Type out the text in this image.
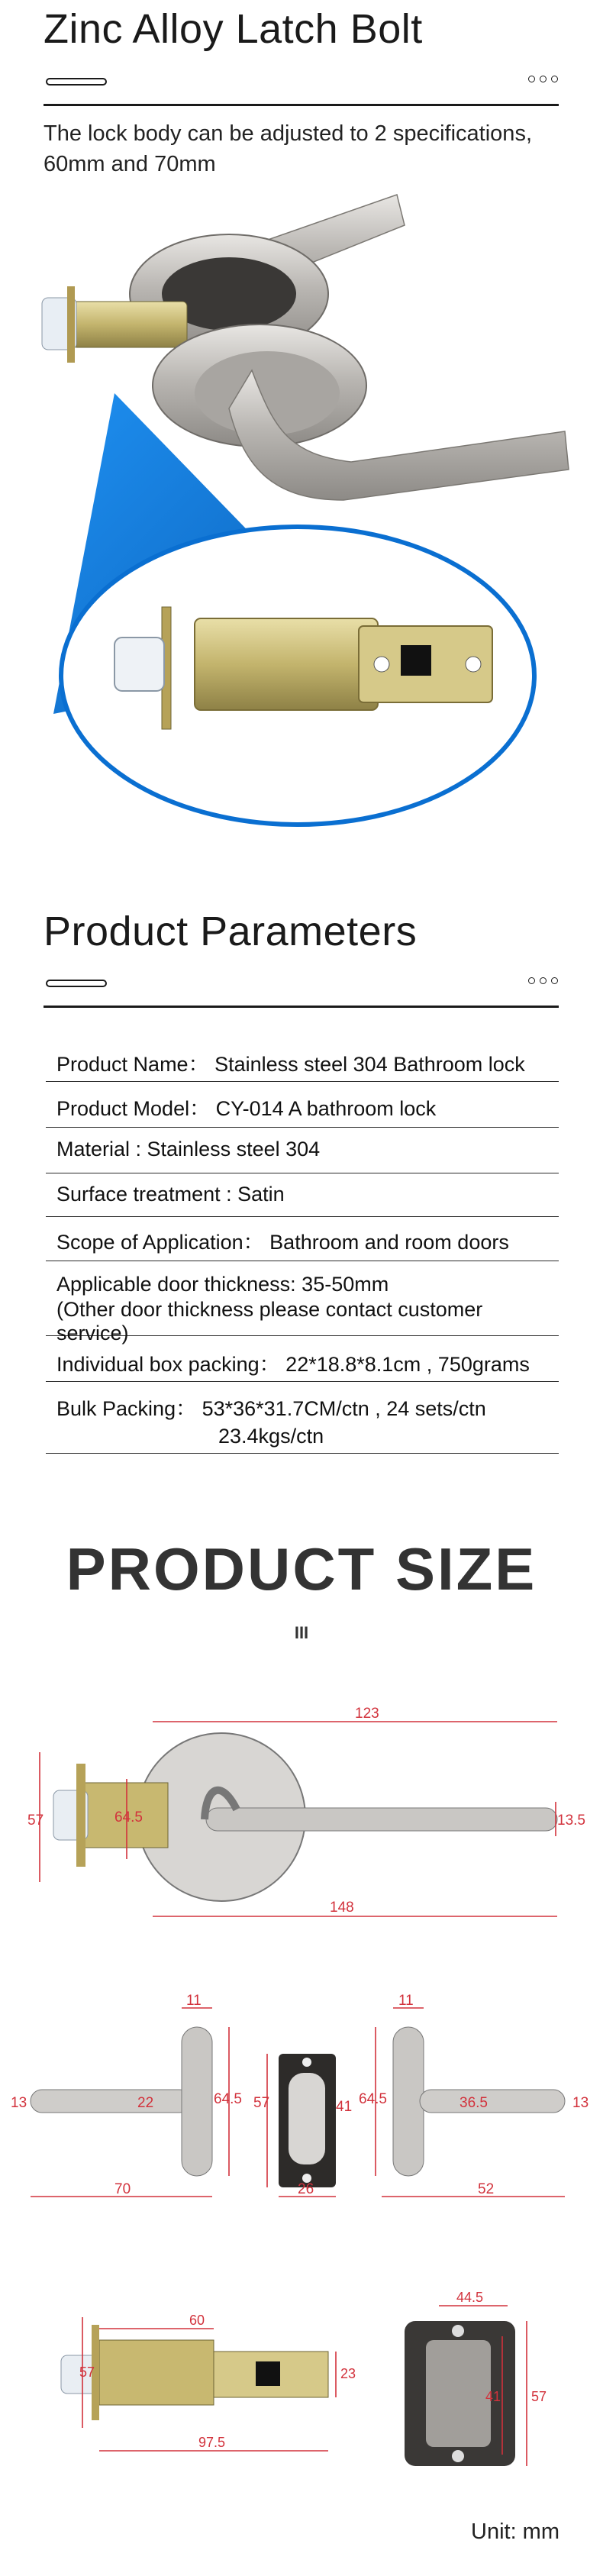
Zinc Alloy Latch Bolt
The lock body can be adjusted to 2 specifications,
60mm and 70mm
Product Parameters
Product Name： Stainless steel 304 Bathroom lock
Product Model： CY-014 A bathroom lock
Material : Stainless steel 304
Surface treatment : Satin
Scope of Application： Bathroom and room doors
Applicable door thickness: 35-50mm
(Other door thickness please contact customer service)
Individual box packing： 22*18.8*8.1cm , 750grams
Bulk Packing： 53*36*31.7CM/ctn , 24 sets/ctn
23.4kgs/ctn
PRODUCT SIZE
III
123
57	64.5	13.5
148
11
13	22	64.5
70
57	41
26
11
64.5	36.5	13
52
60
57	23
97.5
44.5
41 57
Unit: mm
